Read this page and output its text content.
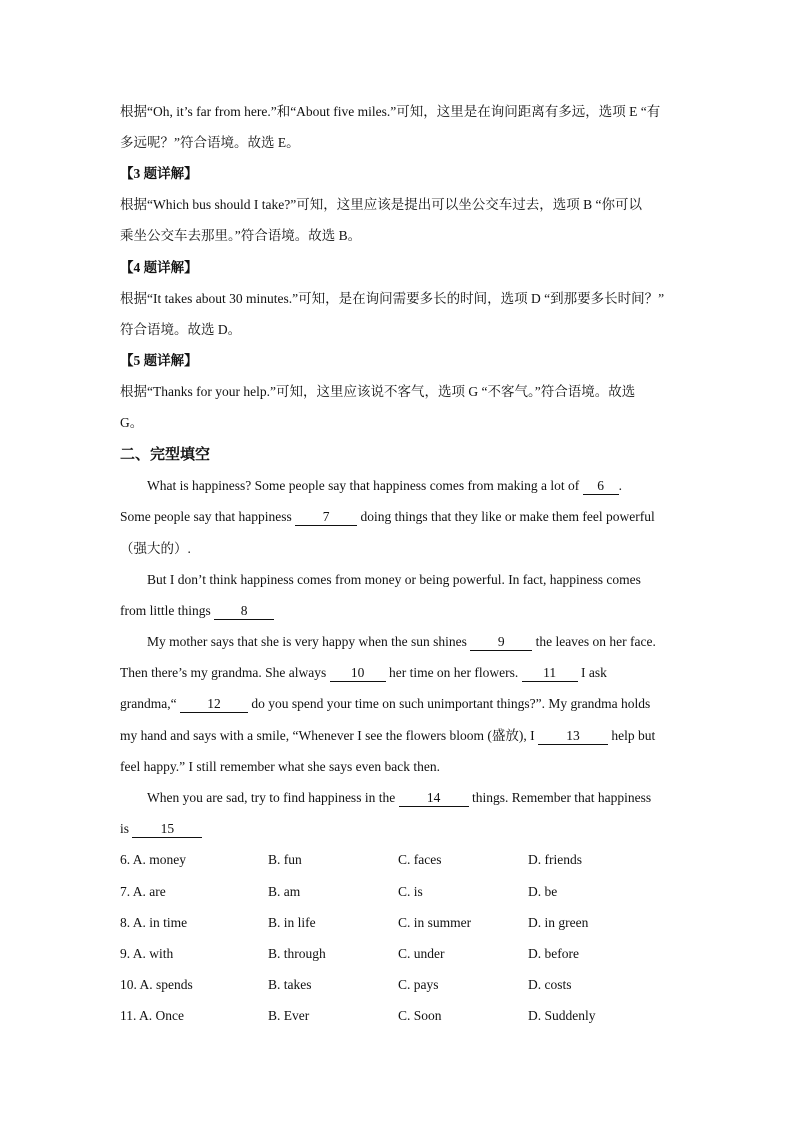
根据“Oh, it’s far from here.”和“About five miles.”可知，这里是在询问距离有多远，选项 E “有
多远呢？”符合语境。故选 E。
【3 题详解】
根据“Which bus should I take?”可知，这里应该是提出可以坐公交车过去，选项 B “你可以
乘坐公交车去那里。”符合语境。故选 B。
【4 题详解】
根据“It takes about 30 minutes.”可知，是在询问需要多长的时间，选项 D “到那要多长时间？”
符合语境。故选 D。
【5 题详解】
根据“Thanks for your help.”可知，这里应该说不客气，选项 G “不客气。”符合语境。故选
G。
二、完型填空
What is happiness? Some people say that happiness comes from making a lot of 6 .
Some people say that happiness 7 doing things that they like or make them feel powerful
（强大的）.
But I don’t think happiness comes from money or being powerful. In fact, happiness comes
from little things 8
My mother says that she is very happy when the sun shines 9 the leaves on her face.
Then there’s my grandma. She always 10 her time on her flowers. 11 I ask
grandma,“ 12 do you spend your time on such unimportant things?”. My grandma holds
my hand and says with a smile, “Whenever I see the flowers bloom (盛放), I 13 help but
feel happy.” I still remember what she says even back then.
When you are sad, try to find happiness in the 14 things. Remember that happiness
is 15
6. A. money	B. fun	C. faces	D. friends
7. A. are	B. am	C. is	D. be
8. A. in time	B. in life	C. in summer	D. in green
9. A. with	B. through	C. under	D. before
10. A. spends	B. takes	C. pays	D. costs
11. A. Once	B. Ever	C. Soon	D. Suddenly
